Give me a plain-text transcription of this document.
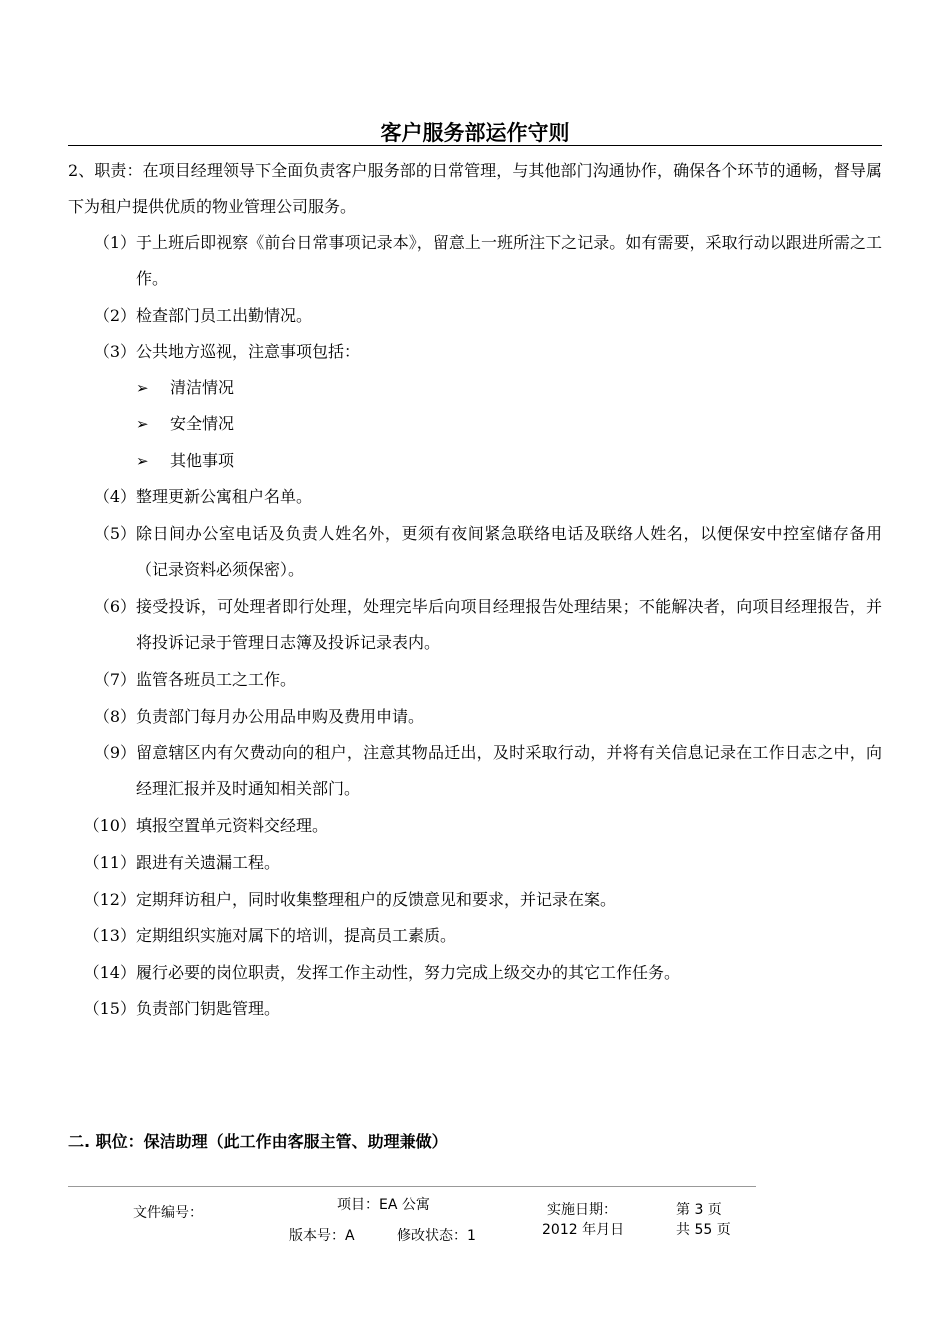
客户服务部运作守则
2、职责：在项目经理领导下全面负责客户服务部的日常管理，与其他部门沟通协作，确保各个环节的通畅，督导属下为租户提供优质的物业管理公司服务。
（1） 于上班后即视察《前台日常事项记录本》，留意上一班所注下之记录。如有需要，采取行动以跟进所需之工作。
（2） 检查部门员工出勤情况。
（3） 公共地方巡视，注意事项包括：
➢ 清洁情况
➢ 安全情况
➢ 其他事项
（4） 整理更新公寓租户名单。
（5） 除日间办公室电话及负责人姓名外，更须有夜间紧急联络电话及联络人姓名，以便保安中控室储存备用（记录资料必须保密）。
（6） 接受投诉，可处理者即行处理，处理完毕后向项目经理报告处理结果；不能解决者，向项目经理报告，并将投诉记录于管理日志簿及投诉记录表内。
（7） 监管各班员工之工作。
（8） 负责部门每月办公用品申购及费用申请。
（9） 留意辖区内有欠费动向的租户，注意其物品迁出，及时采取行动，并将有关信息记录在工作日志之中，向经理汇报并及时通知相关部门。
（10） 填报空置单元资料交经理。
（11） 跟进有关遗漏工程。
（12） 定期拜访租户，同时收集整理租户的反馈意见和要求，并记录在案。
（13） 定期组织实施对属下的培训，提高员工素质。
（14） 履行必要的岗位职责，发挥工作主动性，努力完成上级交办的其它工作任务。
（15） 负责部门钥匙管理。
二. 职位：保洁助理（此工作由客服主管、助理兼做）
文件编号：	项目：EA 公寓
版本号：A	修改状态：1
实施日期：
2012 年月日
第 3 页
共 55 页
